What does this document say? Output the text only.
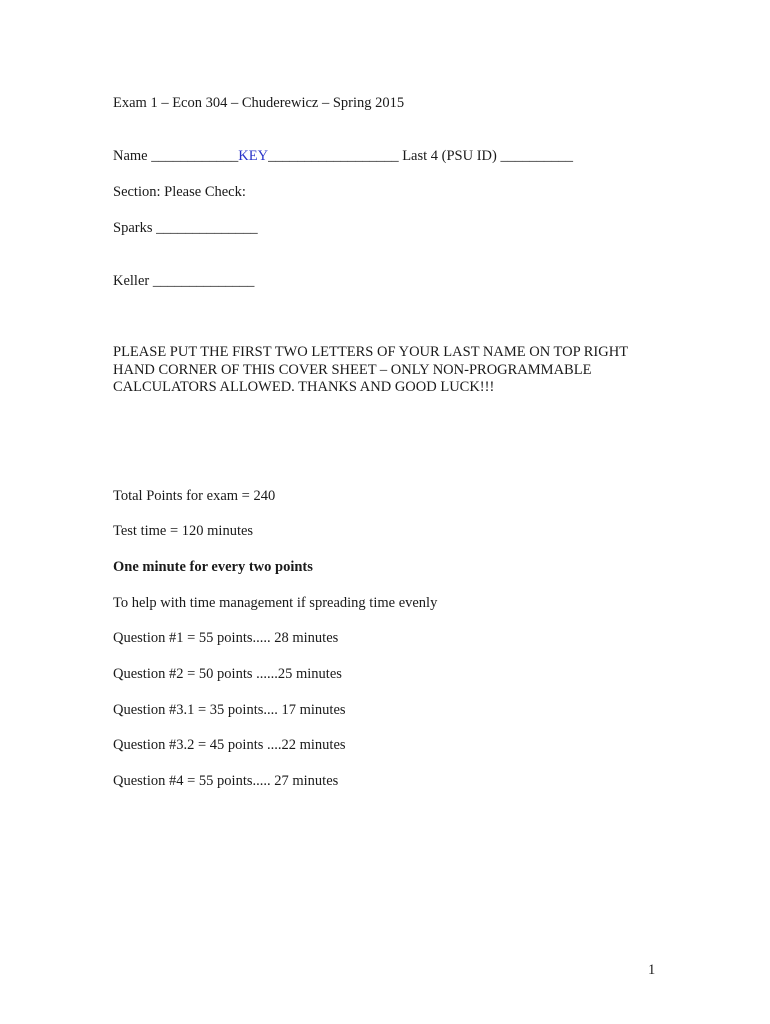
Exam 1 – Econ 304 – Chuderewicz – Spring 2015
Name ____________KEY__________________ Last 4 (PSU ID) __________
Section: Please Check:
Sparks ______________
Keller ______________
PLEASE PUT THE FIRST TWO LETTERS OF YOUR LAST NAME ON TOP RIGHT HAND CORNER OF THIS COVER SHEET – ONLY NON-PROGRAMMABLE CALCULATORS ALLOWED. THANKS AND GOOD LUCK!!!
Total Points for exam = 240
Test time = 120 minutes
One minute for every two points
To help with time management if spreading time evenly
Question #1 = 55 points..... 28 minutes
Question #2 = 50 points ......25 minutes
Question #3.1 = 35 points.... 17 minutes
Question #3.2 = 45 points ....22 minutes
Question #4 = 55 points..... 27 minutes
1
